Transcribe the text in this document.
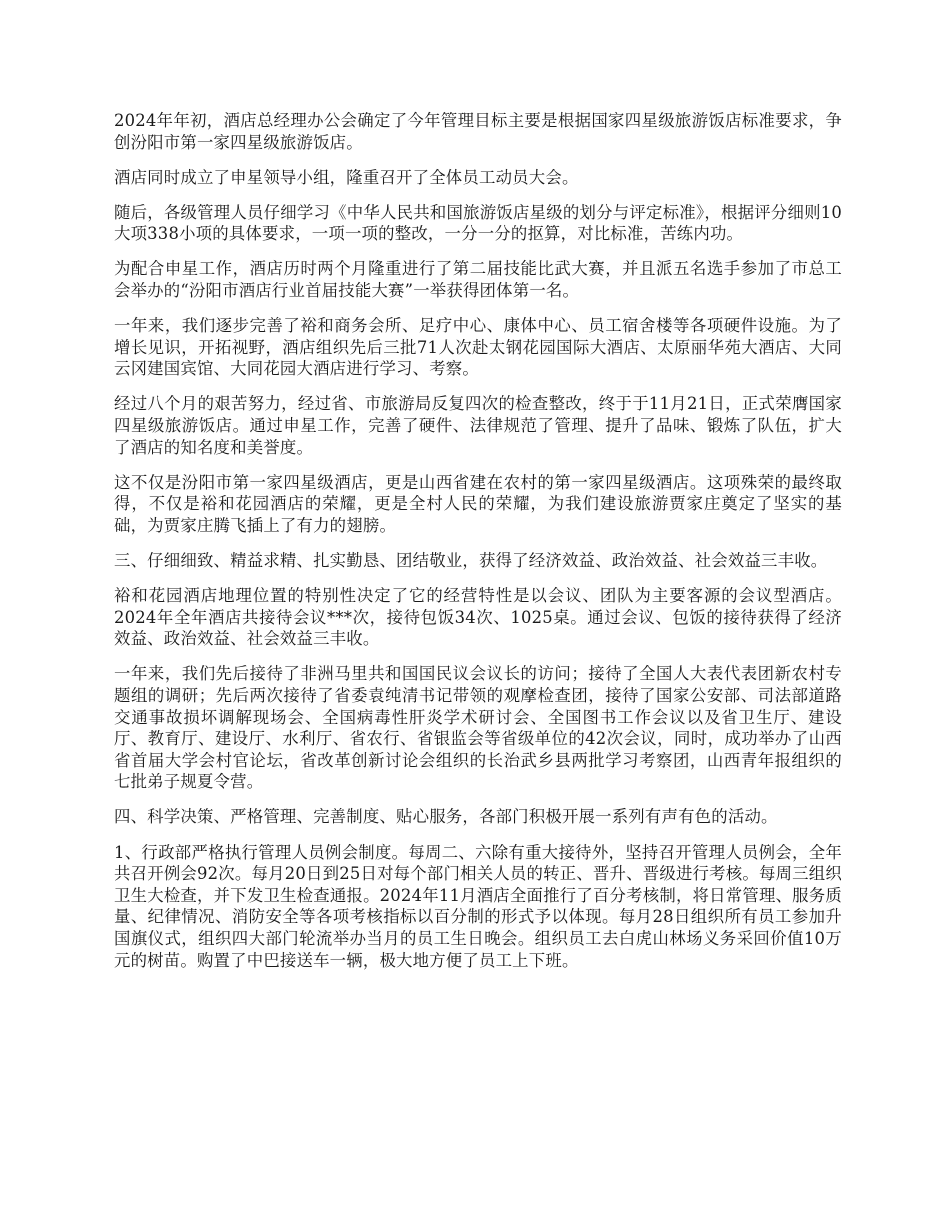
2024年年初，酒店总经理办公会确定了今年管理目标主要是根据国家四星级旅游饭店标准要求，争创汾阳市第一家四星级旅游饭店。

酒店同时成立了申星领导小组，隆重召开了全体员工动员大会。

随后，各级管理人员仔细学习《中华人民共和国旅游饭店星级的划分与评定标准》，根据评分细则10大项338小项的具体要求，一项一项的整改，一分一分的抠算，对比标准，苦练内功。

为配合申星工作，酒店历时两个月隆重进行了第二届技能比武大赛，并且派五名选手参加了市总工会举办的“汾阳市酒店行业首届技能大赛”一举获得团体第一名。

一年来，我们逐步完善了裕和商务会所、足疗中心、康体中心、员工宿舍楼等各项硬件设施。为了增长见识，开拓视野，酒店组织先后三批71人次赴太钢花园国际大酒店、太原丽华苑大酒店、大同云冈建国宾馆、大同花园大酒店进行学习、考察。

经过八个月的艰苦努力，经过省、市旅游局反复四次的检查整改，终于于11月21日，正式荣膺国家四星级旅游饭店。通过申星工作，完善了硬件、法律规范了管理、提升了品味、锻炼了队伍，扩大了酒店的知名度和美誉度。

这不仅是汾阳市第一家四星级酒店，更是山西省建在农村的第一家四星级酒店。这项殊荣的最终取得，不仅是裕和花园酒店的荣耀，更是全村人民的荣耀，为我们建设旅游贾家庄奠定了坚实的基础，为贾家庄腾飞插上了有力的翅膀。

三、仔细细致、精益求精、扎实勤恳、团结敬业，获得了经济效益、政治效益、社会效益三丰收。

裕和花园酒店地理位置的特别性决定了它的经营特性是以会议、团队为主要客源的会议型酒店。2024年全年酒店共接待会议***次，接待包饭34次、1025桌。通过会议、包饭的接待获得了经济效益、政治效益、社会效益三丰收。

一年来，我们先后接待了非洲马里共和国国民议会议长的访问；接待了全国人大表代表团新农村专题组的调研；先后两次接待了省委袁纯清书记带领的观摩检查团，接待了国家公安部、司法部道路交通事故损坏调解现场会、全国病毒性肝炎学术研讨会、全国图书工作会议以及省卫生厅、建设厅、教育厅、建设厅、水利厅、省农行、省银监会等省级单位的42次会议，同时，成功举办了山西省首届大学会村官论坛，省改革创新讨论会组织的长治武乡县两批学习考察团，山西青年报组织的七批弟子规夏令营。

四、科学决策、严格管理、完善制度、贴心服务，各部门积极开展一系列有声有色的活动。

1、行政部严格执行管理人员例会制度。每周二、六除有重大接待外，坚持召开管理人员例会，全年共召开例会92次。每月20日到25日对每个部门相关人员的转正、晋升、晋级进行考核。每周三组织卫生大检查，并下发卫生检查通报。2024年11月酒店全面推行了百分考核制，将日常管理、服务质量、纪律情况、消防安全等各项考核指标以百分制的形式予以体现。每月28日组织所有员工参加升国旗仪式，组织四大部门轮流举办当月的员工生日晚会。组织员工去白虎山林场义务采回价值10万元的树苗。购置了中巴接送车一辆，极大地方便了员工上下班。
